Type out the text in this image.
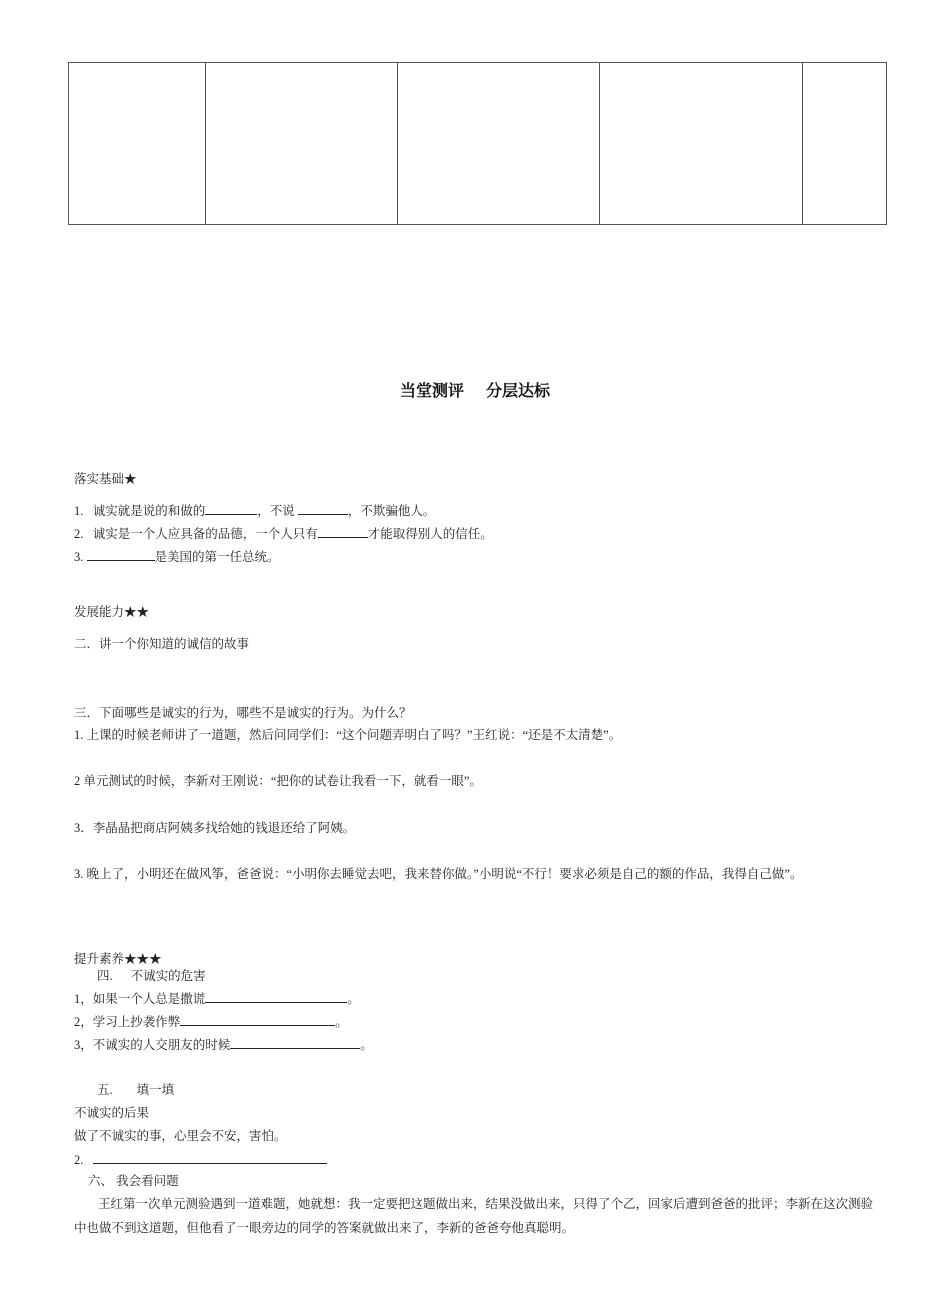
当堂测评 分层达标
落实基础★
1. 诚实就是说的和做的	，不说	，不欺骗他人。
2. 诚实是一个人应具备的品德，一个人只有	才能取得别人的信任。
3.	是美国的第一任总统。
发展能力★★
二．讲一个你知道的诚信的故事
三．下面哪些是诚实的行为，哪些不是诚实的行为。为什么？
1. 上课的时候老师讲了一道题，然后问同学们：“这个问题弄明白了吗？”王红说：“还是不太清楚”。
2 单元测试的时候，李新对王刚说：“把你的试卷让我看一下，就看一眼”。
3．李晶晶把商店阿姨多找给她的钱退还给了阿姨。
3. 晚上了，小明还在做风筝，爸爸说：“小明你去睡觉去吧，我来替你做。”小明说“不行！要求必须是自己的额的作品，我得自己做”。
提升素养★★★
四. 不诚实的危害
1，如果一个人总是撒谎	。
2，学习上抄袭作弊	。
3，不诚实的人交朋友的时候	。
五. 填一填
不诚实的后果
做了不诚实的事，心里会不安，害怕。
2.
六、 我会看问题
王红第一次单元测验遇到一道难题，她就想：我一定要把这题做出来，结果没做出来，只得了个乙，回家后遭到爸爸的批评；李新在这次测验中也做不到这道题，但他看了一眼旁边的同学的答案就做出来了，李新的爸爸夸他真聪明。
